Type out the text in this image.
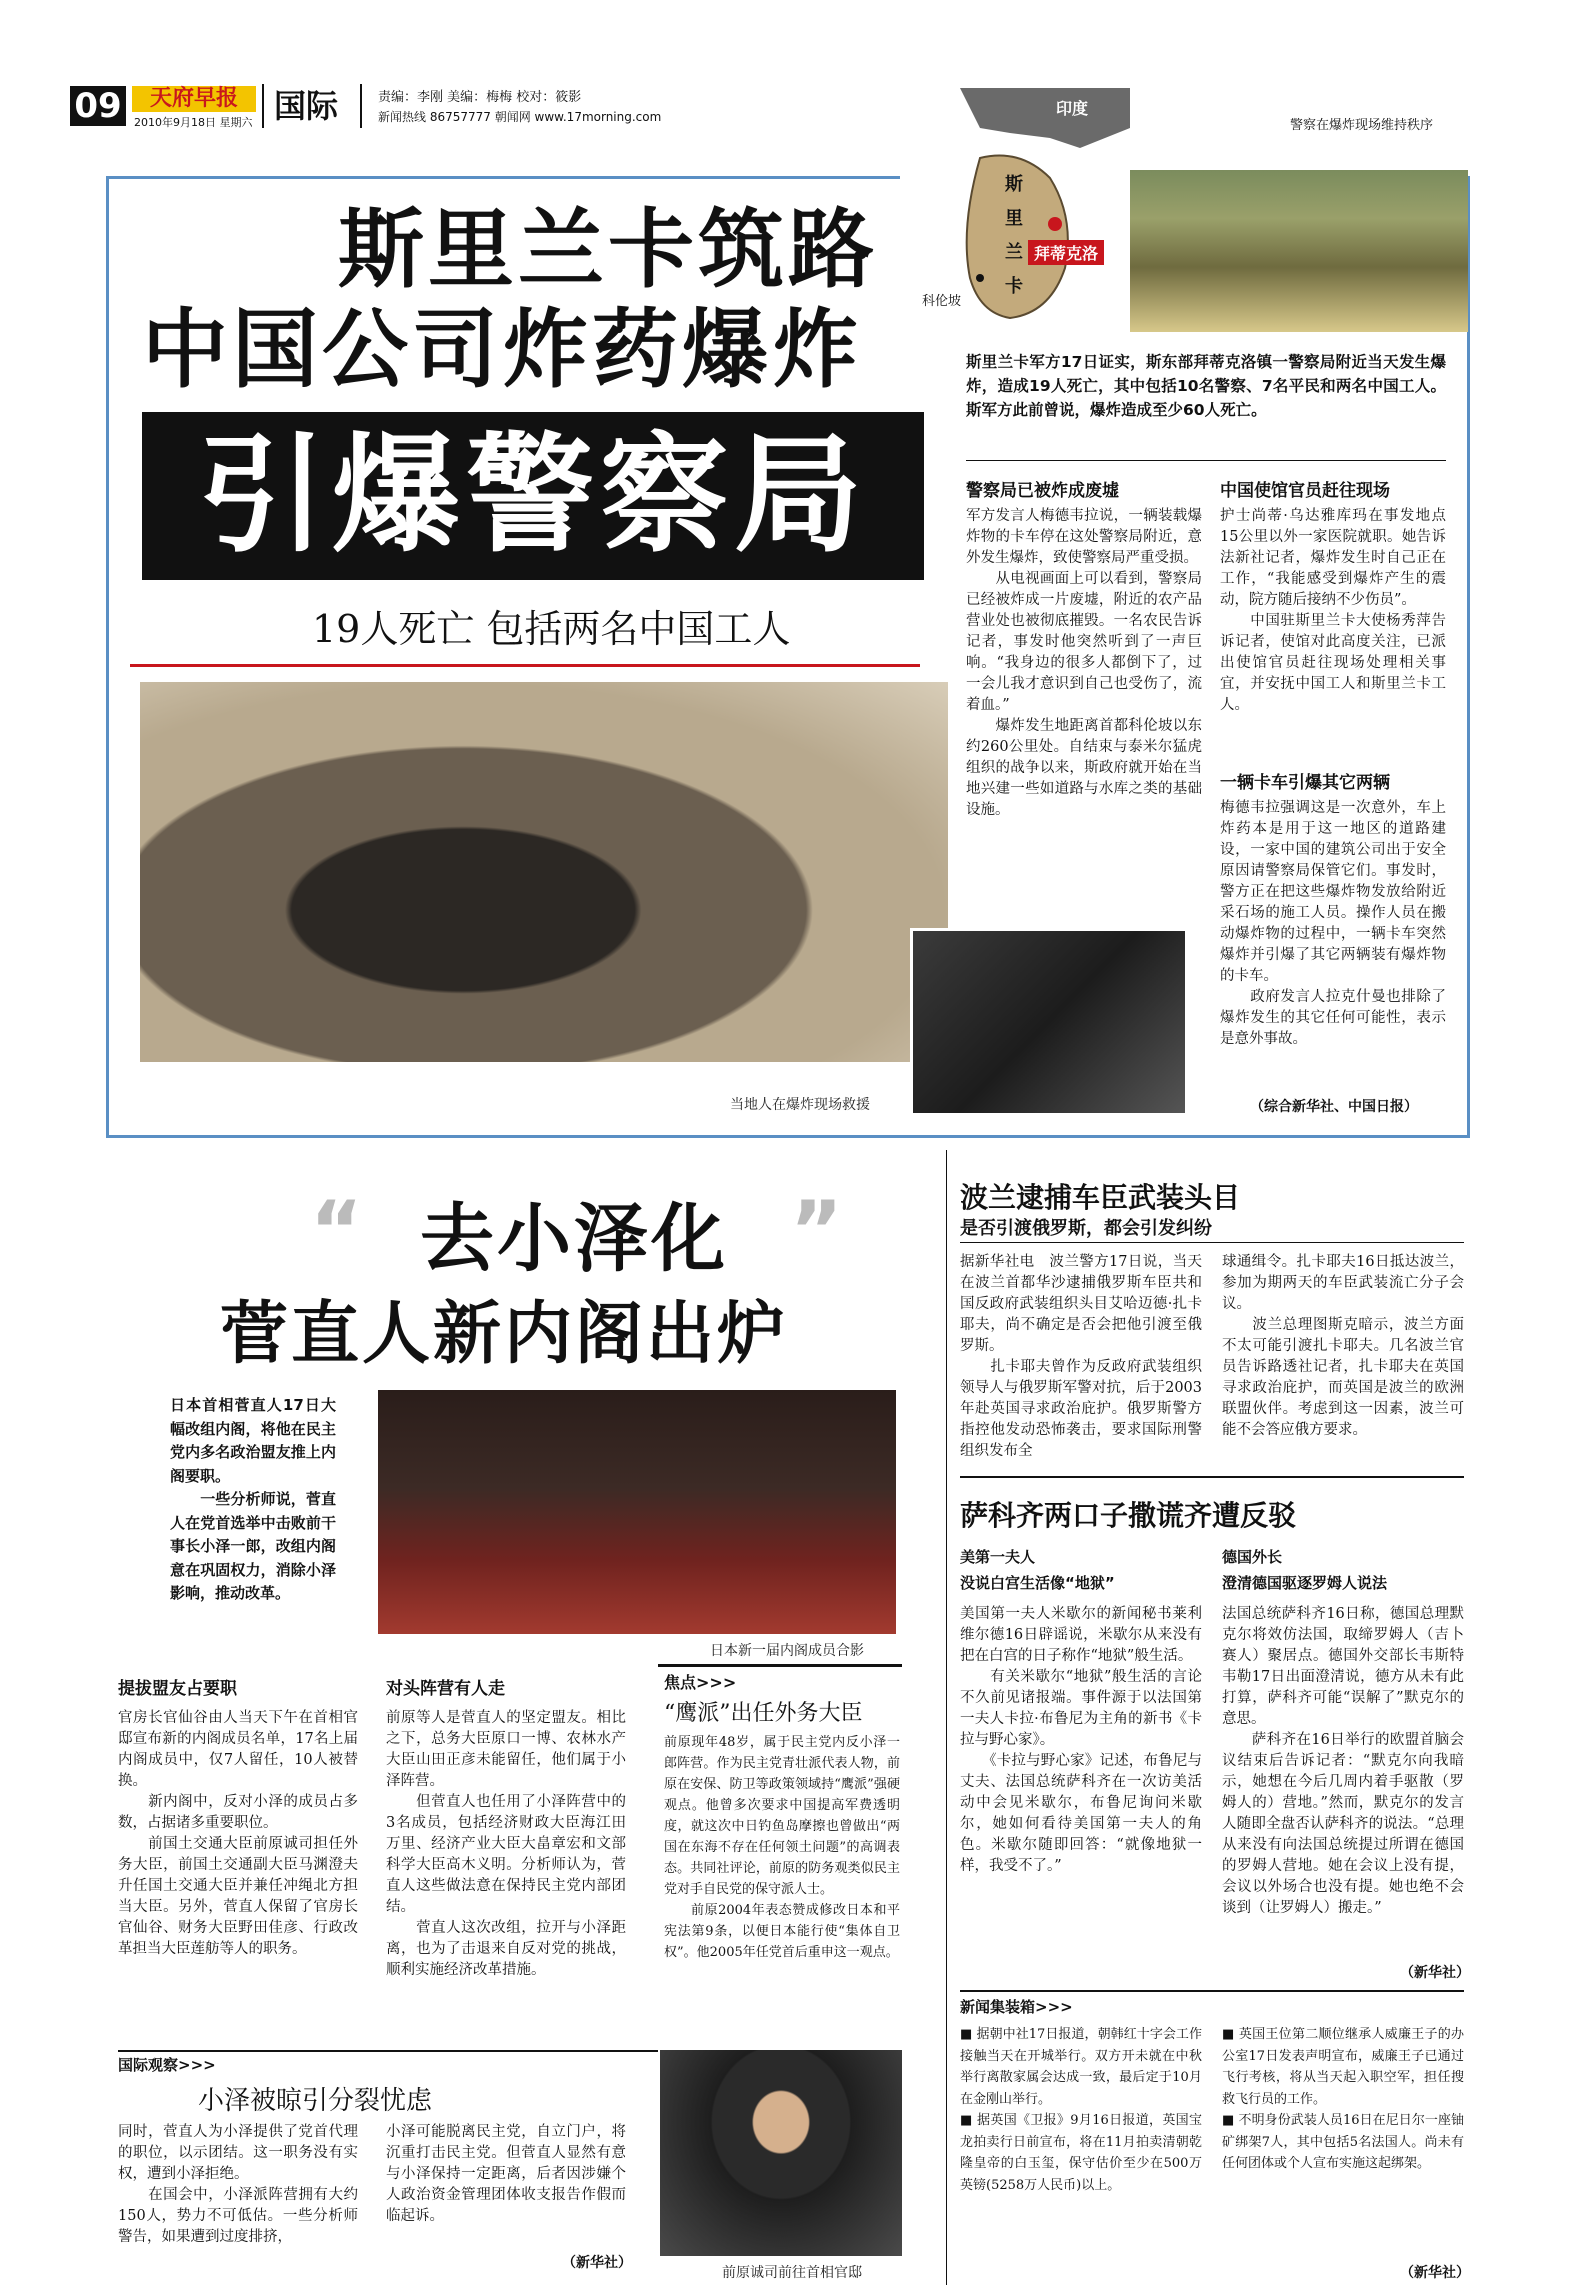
09	天府早报
2010年9月18日 星期六 国际	责编：李刚 美编：梅梅 校对：筱影
新闻热线 86757777 朝闻网 www.17morning.com	印度
斯
里
兰
卡
拜蒂克洛
科伦坡
警察在爆炸现场维持秩序
斯里兰卡筑路
中国公司炸药爆炸
引爆警察局
19人死亡 包括两名中国工人
斯里兰卡军方17日证实，斯东部拜蒂克洛镇一警察局附近当天发生爆炸，造成19人死亡，其中包括10名警察、7名平民和两名中国工人。斯军方此前曾说，爆炸造成至少60人死亡。
警察局已被炸成废墟
军方发言人梅德韦拉说，一辆装载爆炸物的卡车停在这处警察局附近，意外发生爆炸，致使警察局严重受损。
　　从电视画面上可以看到，警察局已经被炸成一片废墟，附近的农产品营业处也被彻底摧毁。一名农民告诉记者，事发时他突然听到了一声巨响。“我身边的很多人都倒下了，过一会儿我才意识到自己也受伤了，流着血。”
　　爆炸发生地距离首都科伦坡以东约260公里处。自结束与泰米尔猛虎组织的战争以来，斯政府就开始在当地兴建一些如道路与水库之类的基础设施。
中国使馆官员赶往现场
护士尚蒂·乌达雅库玛在事发地点15公里以外一家医院就职。她告诉法新社记者，爆炸发生时自己正在工作，“我能感受到爆炸产生的震动，院方随后接纳不少伤员”。
　　中国驻斯里兰卡大使杨秀萍告诉记者，使馆对此高度关注，已派出使馆官员赶往现场处理相关事宜，并安抚中国工人和斯里兰卡工人。
一辆卡车引爆其它两辆
梅德韦拉强调这是一次意外，车上炸药本是用于这一地区的道路建设，一家中国的建筑公司出于安全原因请警察局保管它们。事发时，警方正在把这些爆炸物发放给附近采石场的施工人员。操作人员在搬动爆炸物的过程中，一辆卡车突然爆炸并引爆了其它两辆装有爆炸物的卡车。
　　政府发言人拉克什曼也排除了爆炸发生的其它任何可能性，表示是意外事故。
（综合新华社、中国日报）
当地人在爆炸现场救援
“ 去小泽化 ”
菅直人新内阁出炉
日本首相菅直人17日大幅改组内阁，将他在民主党内多名政治盟友推上内阁要职。
　　一些分析师说，菅直人在党首选举中击败前干事长小泽一郎，改组内阁意在巩固权力，消除小泽影响，推动改革。
日本新一届内阁成员合影
提拔盟友占要职
官房长官仙谷由人当天下午在首相官邸宣布新的内阁成员名单，17名上届内阁成员中，仅7人留任，10人被替换。
　　新内阁中，反对小泽的成员占多数，占据诸多重要职位。
　　前国土交通大臣前原诚司担任外务大臣，前国土交通副大臣马渊澄夫升任国土交通大臣并兼任冲绳北方担当大臣。另外，菅直人保留了官房长官仙谷、财务大臣野田佳彦、行政改革担当大臣莲舫等人的职务。
对头阵营有人走
前原等人是菅直人的坚定盟友。相比之下，总务大臣原口一博、农林水产大臣山田正彦未能留任，他们属于小泽阵营。
　　但菅直人也任用了小泽阵营中的3名成员，包括经济财政大臣海江田万里、经济产业大臣大畠章宏和文部科学大臣高木义明。分析师认为，菅直人这些做法意在保持民主党内部团结。
　　菅直人这次改组，拉开与小泽距离，也为了击退来自反对党的挑战，顺利实施经济改革措施。
焦点>>>
“鹰派”出任外务大臣
前原现年48岁，属于民主党内反小泽一郎阵营。作为民主党青壮派代表人物，前原在安保、防卫等政策领域持“鹰派”强硬观点。他曾多次要求中国提高军费透明度，就这次中日钓鱼岛摩擦也曾做出“两国在东海不存在任何领土问题”的高调表态。共同社评论，前原的防务观类似民主党对手自民党的保守派人士。
　　前原2004年表态赞成修改日本和平宪法第9条，以便日本能行使“集体自卫权”。他2005年任党首后重申这一观点。
国际观察>>>
小泽被晾引分裂忧虑
同时，菅直人为小泽提供了党首代理的职位，以示团结。这一职务没有实权，遭到小泽拒绝。
　　在国会中，小泽派阵营拥有大约150人，势力不可低估。一些分析师警告，如果遭到过度排挤，
小泽可能脱离民主党，自立门户，将沉重打击民主党。但菅直人显然有意与小泽保持一定距离，后者因涉嫌个人政治资金管理团体收支报告作假而临起诉。
（新华社）
前原诚司前往首相官邸
波兰逮捕车臣武装头目
是否引渡俄罗斯，都会引发纠纷
据新华社电　波兰警方17日说，当天在波兰首都华沙逮捕俄罗斯车臣共和国反政府武装组织头目艾哈迈德·扎卡耶夫，尚不确定是否会把他引渡至俄罗斯。
　　扎卡耶夫曾作为反政府武装组织领导人与俄罗斯军警对抗，后于2003年赴英国寻求政治庇护。俄罗斯警方指控他发动恐怖袭击，要求国际刑警组织发布全
球通缉令。扎卡耶夫16日抵达波兰，参加为期两天的车臣武装流亡分子会议。
　　波兰总理图斯克暗示，波兰方面不太可能引渡扎卡耶夫。几名波兰官员告诉路透社记者，扎卡耶夫在英国寻求政治庇护，而英国是波兰的欧洲联盟伙伴。考虑到这一因素，波兰可能不会答应俄方要求。
萨科齐两口子撒谎齐遭反驳
美第一夫人
没说白宫生活像“地狱”
美国第一夫人米歇尔的新闻秘书莱利维尔德16日辟谣说，米歇尔从来没有把在白宫的日子称作“地狱”般生活。
　　有关米歇尔“地狱”般生活的言论不久前见诸报端。事件源于以法国第一夫人卡拉·布鲁尼为主角的新书《卡拉与野心家》。
　　《卡拉与野心家》记述，布鲁尼与丈夫、法国总统萨科齐在一次访美活动中会见米歇尔，布鲁尼询问米歇尔，她如何看待美国第一夫人的角色。米歇尔随即回答：“就像地狱一样，我受不了。”
德国外长
澄清德国驱逐罗姆人说法
法国总统萨科齐16日称，德国总理默克尔将效仿法国，取缔罗姆人（吉卜赛人）聚居点。德国外交部长韦斯特韦勒17日出面澄清说，德方从未有此打算，萨科齐可能“误解了”默克尔的意思。
　　萨科齐在16日举行的欧盟首脑会议结束后告诉记者：“默克尔向我暗示，她想在今后几周内着手驱散（罗姆人的）营地。”然而，默克尔的发言人随即全盘否认萨科齐的说法。“总理从来没有向法国总统提过所谓在德国的罗姆人营地。她在会议上没有提，会议以外场合也没有提。她也绝不会谈到（让罗姆人）搬走。”
（新华社）
新闻集装箱>>>
■ 据朝中社17日报道，朝韩红十字会工作接触当天在开城举行。双方开未就在中秋举行离散家属会达成一致，最后定于10月在金刚山举行。
■ 据英国《卫报》9月16日报道，英国宝龙拍卖行日前宣布，将在11月拍卖清朝乾隆皇帝的白玉玺，保守估价至少在500万英镑(5258万人民币)以上。
■ 英国王位第二顺位继承人威廉王子的办公室17日发表声明宣布，威廉王子已通过飞行考核，将从当天起入职空军，担任搜救飞行员的工作。
■ 不明身份武装人员16日在尼日尔一座铀矿绑架7人，其中包括5名法国人。尚未有任何团体或个人宣布实施这起绑架。
（新华社）
